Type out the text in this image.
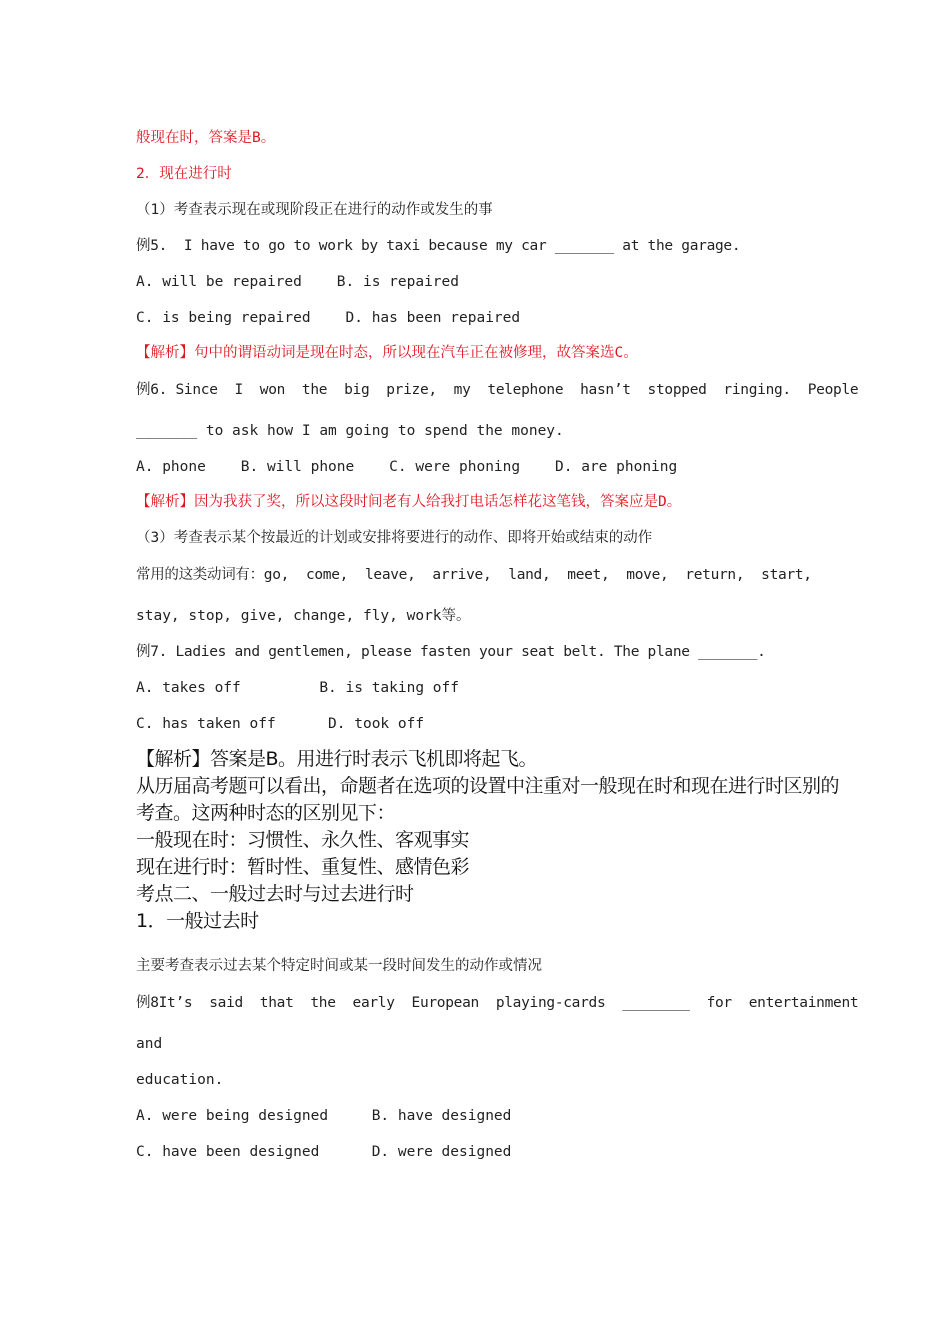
般现在时，答案是B。
2．现在进行时
（1）考查表示现在或现阶段正在进行的动作或发生的事
例5.  I have to go to work by taxi because my car _______ at the garage.
A. will be repaired    B. is repaired
C. is being repaired    D. has been repaired
【解析】句中的谓语动词是现在时态，所以现在汽车正在被修理，故答案选C。
例6. Since  I  won  the  big  prize,  my  telephone  hasn’t  stopped  ringing.  People
_______ to ask how I am going to spend the money.
A. phone    B. will phone    C. were phoning    D. are phoning
【解析】因为我获了奖，所以这段时间老有人给我打电话怎样花这笔钱，答案应是D。
（3）考查表示某个按最近的计划或安排将要进行的动作、即将开始或结束的动作
常用的这类动词有：go,  come,  leave,  arrive,  land,  meet,  move,  return,  start,
stay, stop, give, change, fly, work等。
例7. Ladies and gentlemen, please fasten your seat belt. The plane _______.
A. takes off         B. is taking off
C. has taken off      D. took off
【解析】答案是B。用进行时表示飞机即将起飞。
从历届高考题可以看出，命题者在选项的设置中注重对一般现在时和现在进行时区别的
考查。这两种时态的区别见下：
一般现在时：习惯性、永久性、客观事实
现在进行时：暂时性、重复性、感情色彩
考点二、一般过去时与过去进行时
1．一般过去时
主要考查表示过去某个特定时间或某一段时间发生的动作或情况
例8It’s  said  that  the  early  European  playing-cards  ________  for  entertainment
and
education.
A. were being designed     B. have designed
C. have been designed      D. were designed
